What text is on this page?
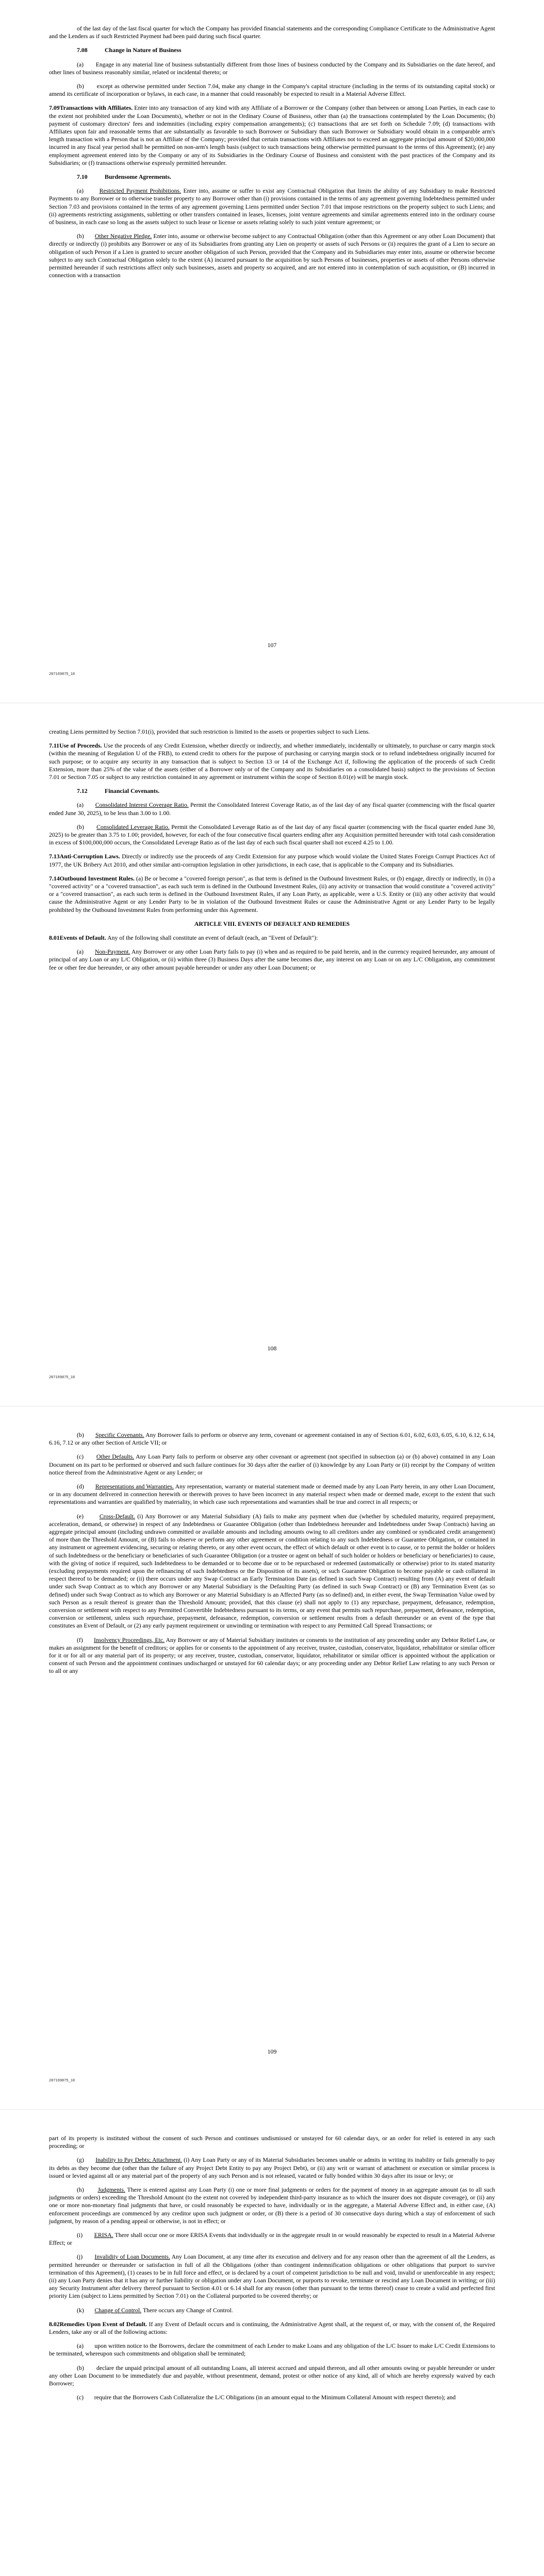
of the last day of the last fiscal quarter for which the Company has provided financial statements and the corresponding Compliance Certificate to the Administrative Agent and the Lenders as if such Restricted Payment had been paid during such fiscal quarter.

7.08	Change in Nature of Business

(a) Engage in any material line of business substantially different from those lines of business conducted by the Company and its Subsidiaries on the date hereof, and other lines of business reasonably similar, related or incidental thereto; or

(b) except as otherwise permitted under Section 7.04, make any change in the Company's capital structure (including in the terms of its outstanding capital stock) or amend its certificate of incorporation or bylaws, in each case, in a manner that could reasonably be expected to result in a Material Adverse Effect.

7.09Transactions with Affiliates. Enter into any transaction of any kind with any Affiliate of a Borrower or the Company (other than between or among Loan Parties, in each case to the extent not prohibited under the Loan Documents), whether or not in the Ordinary Course of Business, other than (a) the transactions contemplated by the Loan Documents; (b) payment of customary directors' fees and indemnities (including expiry compensation arrangements); (c) transactions that are set forth on Schedule 7.09; (d) transactions with Affiliates upon fair and reasonable terms that are substantially as favorable to such Borrower or Subsidiary than such Borrower or Subsidiary would obtain in a comparable arm's length transaction with a Person that is not an Affiliate of the Company; provided that certain transactions with Affiliates not to exceed an aggregate principal amount of $20,000,000 incurred in any fiscal year period shall be permitted on non-arm's length basis (subject to such transactions being otherwise permitted pursuant to the terms of this Agreement); (e) any employment agreement entered into by the Company or any of its Subsidiaries in the Ordinary Course of Business and consistent with the past practices of the Company and its Subsidiaries; or (f) transactions otherwise expressly permitted hereunder.

7.10	Burdensome Agreements.

(a)	Restricted Payment Prohibitions. Enter into, assume or suffer to exist any Contractual Obligation that limits the ability of any Subsidiary to make Restricted Payments to any Borrower or to otherwise transfer property to any Borrower other than (i) provisions contained in the terms of any agreement governing Indebtedness permitted under Section 7.03 and provisions contained in the terms of any agreement governing Liens permitted under Section 7.01 that impose restrictions on the property subject to such Liens; and (ii) agreements restricting assignments, subletting or other transfers contained in leases, licenses, joint venture agreements and similar agreements entered into in the ordinary course of business, in each case so long as the assets subject to such lease or license or assets relating solely to such joint venture agreement; or

(b) Other Negative Pledge. Enter into, assume or otherwise become subject to any Contractual Obligation (other than this Agreement or any other Loan Document) that directly or indirectly (i) prohibits any Borrower or any of its Subsidiaries from granting any Lien on property or assets of such Persons or (ii) requires the grant of a Lien to secure an obligation of such Person if a Lien is granted to secure another obligation of such Person, provided that the Company and its Subsidiaries may enter into, assume or otherwise become subject to any such Contractual Obligation solely to the extent (A) incurred pursuant to the acquisition by such Persons of businesses, properties or assets of other Persons otherwise permitted hereunder if such restrictions affect only such businesses, assets and property so acquired, and are not entered into in contemplation of such acquisition, or (B) incurred in connection with a transaction

107
287169875_18

creating Liens permitted by Section 7.01(i), provided that such restriction is limited to the assets or properties subject to such Liens.

7.11Use of Proceeds. Use the proceeds of any Credit Extension, whether directly or indirectly, and whether immediately, incidentally or ultimately, to purchase or carry margin stock (within the meaning of Regulation U of the FRB), to extend credit to others for the purpose of purchasing or carrying margin stock or to refund indebtedness originally incurred for such purpose; or to acquire any security in any transaction that is subject to Section 13 or 14 of the Exchange Act if, following the application of the proceeds of such Credit Extension, more than 25% of the value of the assets (either of a Borrower only or of the Company and its Subsidiaries on a consolidated basis) subject to the provisions of Section 7.01 or Section 7.05 or subject to any restriction contained in any agreement or instrument within the scope of Section 8.01(e) will be margin stock.

7.12	Financial Covenants.

(a) Consolidated Interest Coverage Ratio. Permit the Consolidated Interest Coverage Ratio, as of the last day of any fiscal quarter (commencing with the fiscal quarter ended June 30, 2025), to be less than 3.00 to 1.00.

(b) Consolidated Leverage Ratio. Permit the Consolidated Leverage Ratio as of the last day of any fiscal quarter (commencing with the fiscal quarter ended June 30, 2025) to be greater than 3.75 to 1.00; provided, however, for each of the four consecutive fiscal quarters ending after any Acquisition permitted hereunder with total cash consideration in excess of $100,000,000 occurs, the Consolidated Leverage Ratio as of the last day of each such fiscal quarter shall not exceed 4.25 to 1.00.

7.13Anti-Corruption Laws. Directly or indirectly use the proceeds of any Credit Extension for any purpose which would violate the United States Foreign Corrupt Practices Act of 1977, the UK Bribery Act 2010, and other similar anti-corruption legislation in other jurisdictions, in each case, that is applicable to the Company and its Subsidiaries.

7.14Outbound Investment Rules. (a) Be or become a "covered foreign person", as that term is defined in the Outbound Investment Rules, or (b) engage, directly or indirectly, in (i) a "covered activity" or a "covered transaction", as each such term is defined in the Outbound Investment Rules, (ii) any activity or transaction that would constitute a "covered activity" or a "covered transaction", as each such term is defined in the Outbound Investment Rules, if any Loan Party, as applicable, were a U.S. Entity or (iii) any other activity that would cause the Administrative Agent or any Lender Party to be in violation of the Outbound Investment Rules or cause the Administrative Agent or any Lender Party to be legally prohibited by the Outbound Investment Rules from performing under this Agreement.

ARTICLE VIII. EVENTS OF DEFAULT AND REMEDIES

8.01Events of Default. Any of the following shall constitute an event of default (each, an "Event of Default"):

(a) Non-Payment. Any Borrower or any other Loan Party fails to pay (i) when and as required to be paid herein, and in the currency required hereunder, any amount of principal of any Loan or any L/C Obligation, or (ii) within three (3) Business Days after the same becomes due, any interest on any Loan or on any L/C Obligation, any commitment fee or other fee due hereunder, or any other amount payable hereunder or under any other Loan Document; or

108
287169875_18

(b) Specific Covenants. Any Borrower fails to perform or observe any term, covenant or agreement contained in any of Section 6.01, 6.02, 6.03, 6.05, 6.10, 6.12, 6.14, 6.16, 7.12 or any other Section of Article VII; or

(c) Other Defaults. Any Loan Party fails to perform or observe any other covenant or agreement (not specified in subsection (a) or (b) above) contained in any Loan Document on its part to be performed or observed and such failure continues for 30 days after the earlier of (i) knowledge by any Loan Party or (ii) receipt by the Company of written notice thereof from the Administrative Agent or any Lender; or

(d) Representations and Warranties. Any representation, warranty or material statement made or deemed made by any Loan Party herein, in any other Loan Document, or in any document delivered in connection herewith or therewith proves to have been incorrect in any material respect when made or deemed made, except to the extent that such representations and warranties are qualified by materiality, in which case such representations and warranties shall be true and correct in all respects; or

(e)	Cross-Default. (i) Any Borrower or any Material Subsidiary (A) fails to make any payment when due (whether by scheduled maturity, required prepayment, acceleration, demand, or otherwise) in respect of any Indebtedness or Guarantee Obligation (other than Indebtedness hereunder and Indebtedness under Swap Contracts) having an aggregate principal amount (including undrawn committed or available amounts and including amounts owing to all creditors under any combined or syndicated credit arrangement) of more than the Threshold Amount, or (B) fails to observe or perform any other agreement or condition relating to any such Indebtedness or Guarantee Obligation, or contained in any instrument or agreement evidencing, securing or relating thereto, or any other event occurs, the effect of which default or other event is to cause, or to permit the holder or holders of such Indebtedness or the beneficiary or beneficiaries of such Guarantee Obligation (or a trustee or agent on behalf of such holder or holders or beneficiary or beneficiaries) to cause, with the giving of notice if required, such Indebtedness to be demanded or to become due or to be repurchased or redeemed (automatically or otherwise) prior to its stated maturity (excluding prepayments required upon the refinancing of such Indebtedness or the Disposition of its assets), or such Guarantee Obligation to become payable or cash collateral in respect thereof to be demanded; or (ii) there occurs under any Swap Contract an Early Termination Date (as defined in such Swap Contract) resulting from (A) any event of default under such Swap Contract as to which any Borrower or any Material Subsidiary is the Defaulting Party (as defined in such Swap Contract) or (B) any Termination Event (as so defined) under such Swap Contract as to which any Borrower or any Material Subsidiary is an Affected Party (as so defined) and, in either event, the Swap Termination Value owed by such Person as a result thereof is greater than the Threshold Amount; provided, that this clause (e) shall not apply to (1) any repurchase, prepayment, defeasance, redemption, conversion or settlement with respect to any Permitted Convertible Indebtedness pursuant to its terms, or any event that permits such repurchase, prepayment, defeasance, redemption, conversion or settlement, unless such repurchase, prepayment, defeasance, redemption, conversion or settlement results from a default thereunder or an event of the type that constitutes an Event of Default, or (2) any early payment requirement or unwinding or termination with respect to any Permitted Call Spread Transactions; or

(f) Insolvency Proceedings, Etc. Any Borrower or any of Material Subsidiary institutes or consents to the institution of any proceeding under any Debtor Relief Law, or makes an assignment for the benefit of creditors; or applies for or consents to the appointment of any receiver, trustee, custodian, conservator, liquidator, rehabilitator or similar officer for it or for all or any material part of its property; or any receiver, trustee, custodian, conservator, liquidator, rehabilitator or similar officer is appointed without the application or consent of such Person and the appointment continues undischarged or unstayed for 60 calendar days; or any proceeding under any Debtor Relief Law relating to any such Person or to all or any

109
287169875_18

part of its property is instituted without the consent of such Person and continues undismissed or unstayed for 60 calendar days, or an order for relief is entered in any such proceeding; or

(g) Inability to Pay Debts; Attachment. (i) Any Loan Party or any of its Material Subsidiaries becomes unable or admits in writing its inability or fails generally to pay its debts as they become due (other than the failure of any Project Debt Entity to pay any Project Debt), or (ii) any writ or warrant of attachment or execution or similar process is issued or levied against all or any material part of the property of any such Person and is not released, vacated or fully bonded within 30 days after its issue or levy; or

(h) Judgments. There is entered against any Loan Party (i) one or more final judgments or orders for the payment of money in an aggregate amount (as to all such judgments or orders) exceeding the Threshold Amount (to the extent not covered by independent third-party insurance as to which the insurer does not dispute coverage), or (ii) any one or more non-monetary final judgments that have, or could reasonably be expected to have, individually or in the aggregate, a Material Adverse Effect and, in either case, (A) enforcement proceedings are commenced by any creditor upon such judgment or order, or (B) there is a period of 30 consecutive days during which a stay of enforcement of such judgment, by reason of a pending appeal or otherwise, is not in effect; or

(i) ERISA. There shall occur one or more ERISA Events that individually or in the aggregate result in or would reasonably be expected to result in a Material Adverse Effect; or

(j) Invalidity of Loan Documents. Any Loan Document, at any time after its execution and delivery and for any reason other than the agreement of all the Lenders, as permitted hereunder or thereunder or satisfaction in full of all the Obligations (other than contingent indemnification obligations or other obligations that purport to survive termination of this Agreement), (1) ceases to be in full force and effect, or is declared by a court of competent jurisdiction to be null and void, invalid or unenforceable in any respect; (ii) any Loan Party denies that it has any or further liability or obligation under any Loan Document, or purports to revoke, terminate or rescind any Loan Document in writing; or (iii) any Security Instrument after delivery thereof pursuant to Section 4.01 or 6.14 shall for any reason (other than pursuant to the terms thereof) cease to create a valid and perfected first priority Lien (subject to Liens permitted by Section 7.01) on the Collateral purported to be covered thereby; or

(k) Change of Control. There occurs any Change of Control.

8.02Remedies Upon Event of Default. If any Event of Default occurs and is continuing, the Administrative Agent shall, at the request of, or may, with the consent of, the Required Lenders, take any or all of the following actions:

(a) upon written notice to the Borrowers, declare the commitment of each Lender to make Loans and any obligation of the L/C Issuer to make L/C Credit Extensions to be terminated, whereupon such commitments and obligation shall be terminated;

(b) declare the unpaid principal amount of all outstanding Loans, all interest accrued and unpaid thereon, and all other amounts owing or payable hereunder or under any other Loan Document to be immediately due and payable, without presentment, demand, protest or other notice of any kind, all of which are hereby expressly waived by each Borrower;

(c) require that the Borrowers Cash Collateralize the L/C Obligations (in an amount equal to the Minimum Collateral Amount with respect thereto); and
